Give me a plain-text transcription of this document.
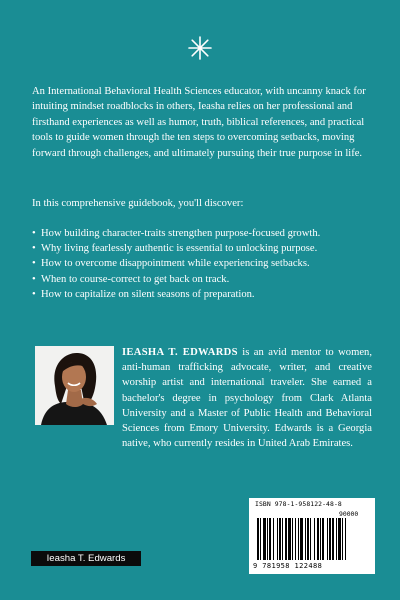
An International Behavioral Health Sciences educator, with uncanny knack for intuiting mindset roadblocks in others, Ieasha relies on her professional and firsthand experiences as well as humor, truth, biblical references, and practical tools to guide women through the ten steps to overcoming setbacks, moving forward through challenges, and ultimately pursuing their true purpose in life.

In this comprehensive guidebook, you'll discover:

• How building character-traits strengthen purpose-focused growth.
• Why living fearlessly authentic is essential to unlocking purpose.
• How to overcome disappointment while experiencing setbacks.
• When to course-correct to get back on track.
• How to capitalize on silent seasons of preparation.

IEASHA T. EDWARDS is an avid mentor to women, anti-human trafficking advocate, writer, and creative worship artist and international traveler. She earned a bachelor's degree in psychology from Clark Atlanta University and a Master of Public Health and Behavioral Sciences from Emory University. Edwards is a Georgia native, who currently resides in United Arab Emirates.

ISBN 978-1-958122-48-8
90000
9 781958 122488
Ieasha T. Edwards
